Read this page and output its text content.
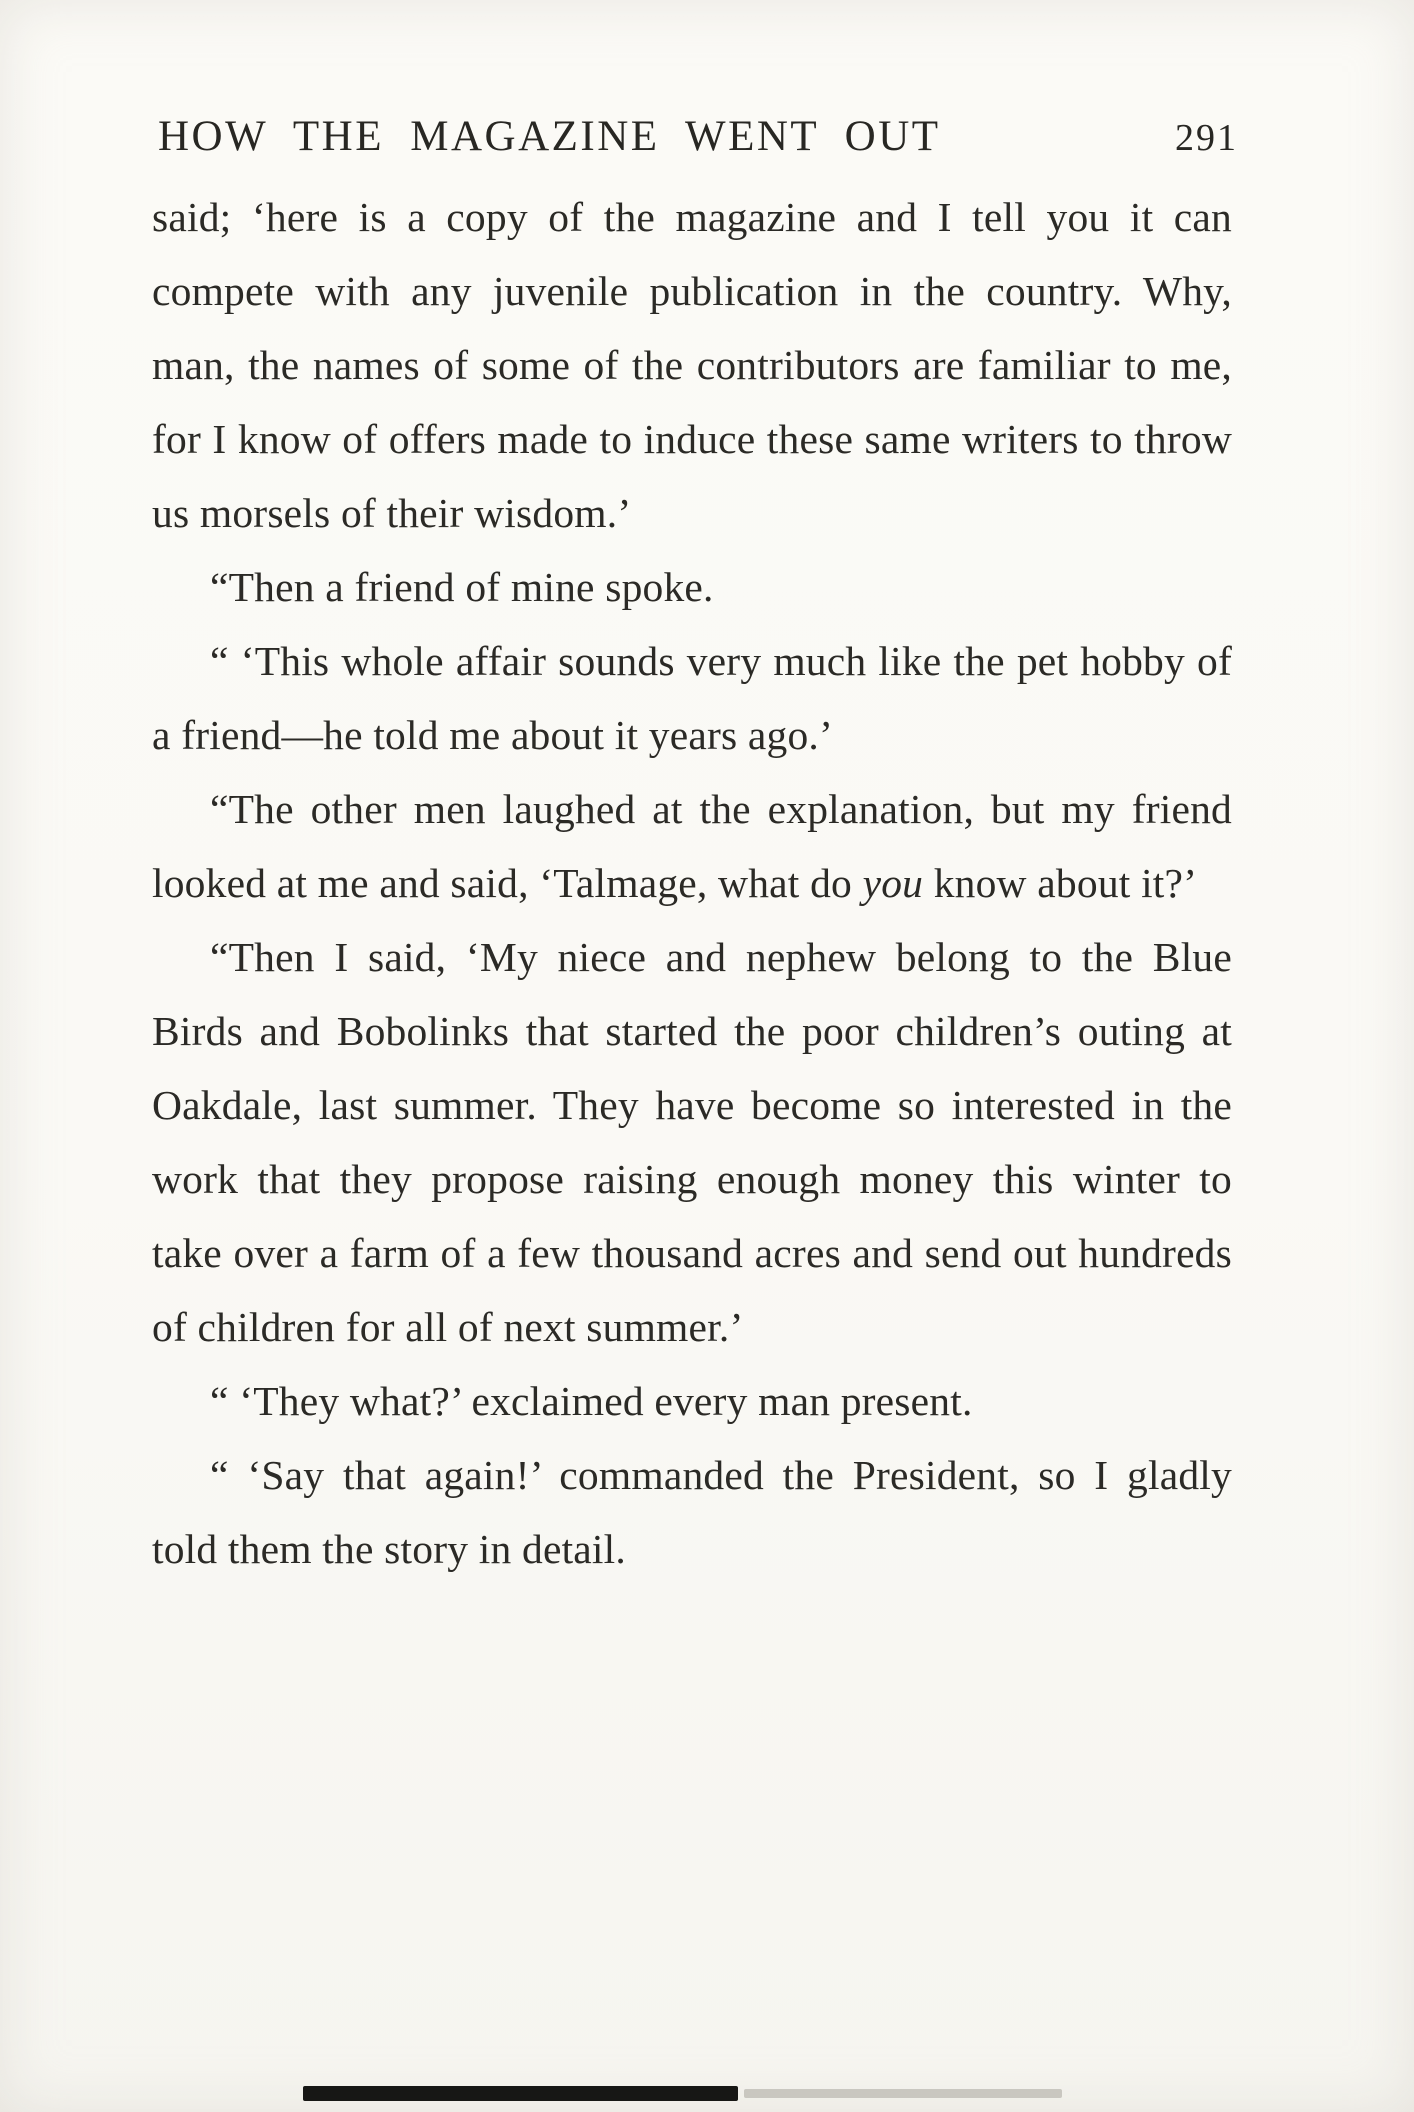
HOW THE MAGAZINE WENT OUT	291

said; ‘here is a copy of the magazine and I tell you it can compete with any juvenile publication in the country. Why, man, the names of some of the contributors are familiar to me, for I know of offers made to induce these same writers to throw us morsels of their wisdom.’

“Then a friend of mine spoke.

“ ‘This whole affair sounds very much like the pet hobby of a friend—he told me about it years ago.’

“The other men laughed at the explanation, but my friend looked at me and said, ‘Talmage, what do you know about it?’

“Then I said, ‘My niece and nephew belong to the Blue Birds and Bobolinks that started the poor children’s outing at Oakdale, last summer. They have become so interested in the work that they propose raising enough money this winter to take over a farm of a few thousand acres and send out hundreds of children for all of next summer.’

“ ‘They what?’ exclaimed every man present.

“ ‘Say that again!’ commanded the President, so I gladly told them the story in detail.
